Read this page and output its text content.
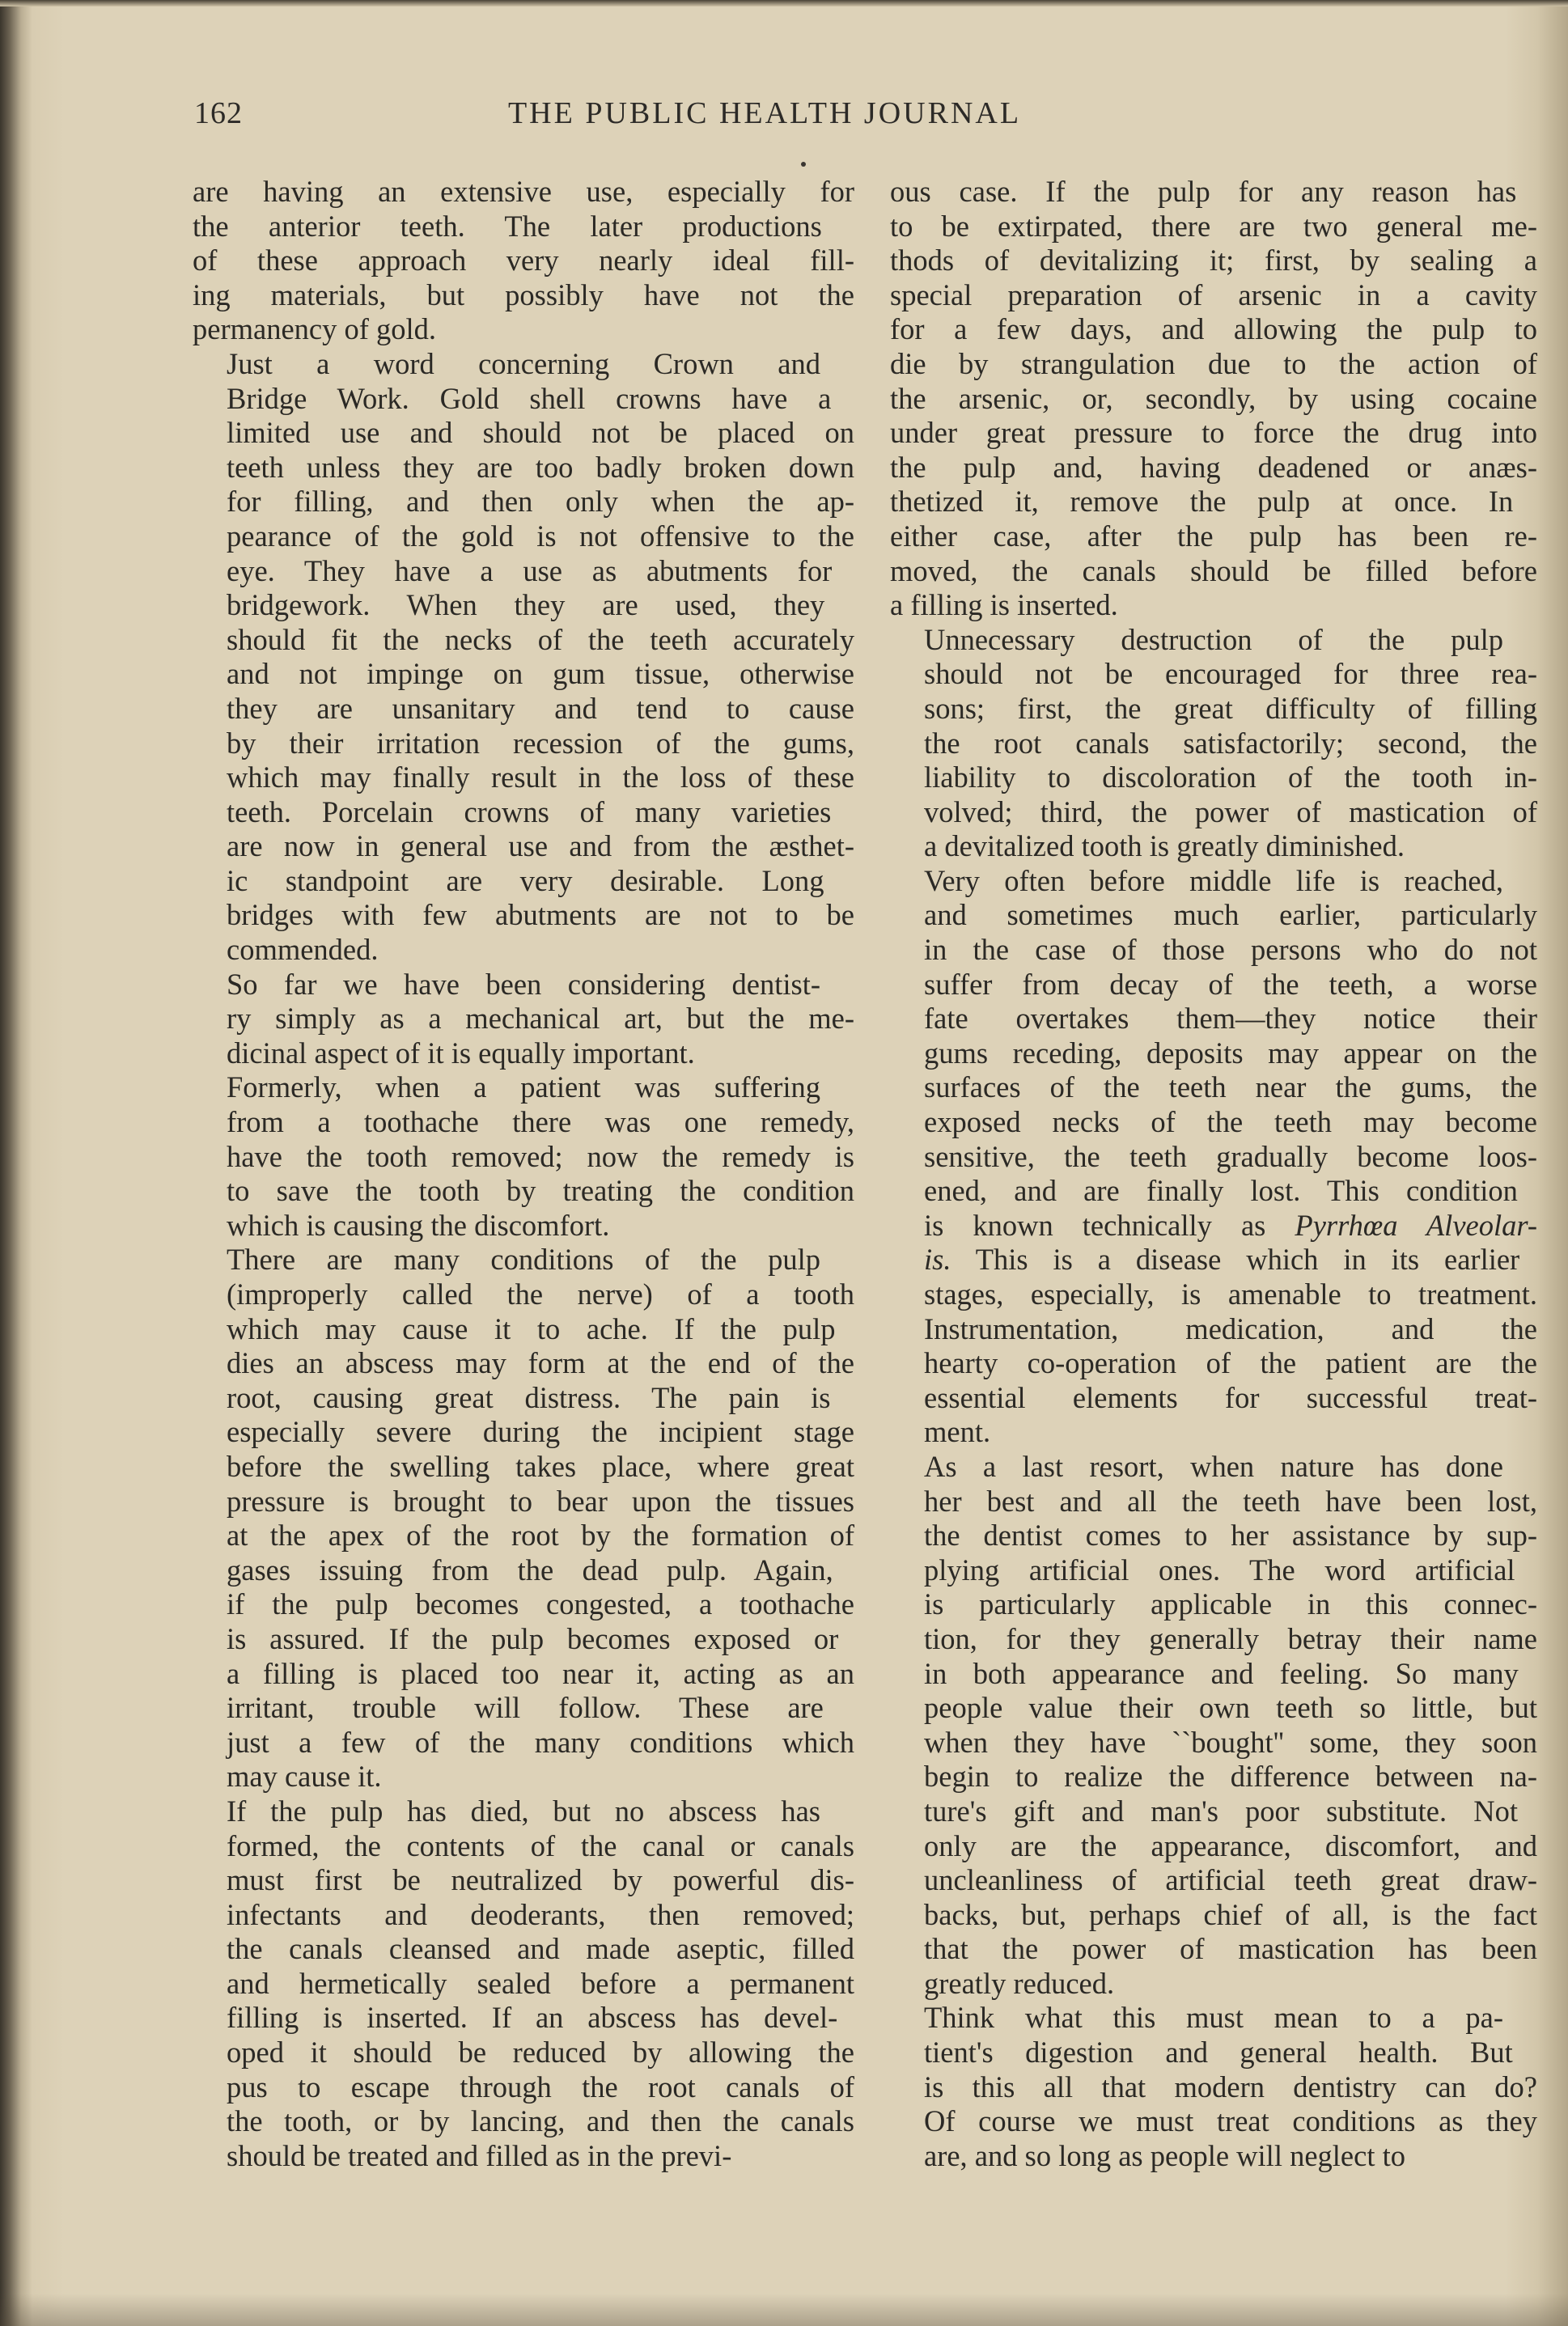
162	THE PUBLIC HEALTH JOURNAL

are having an extensive use, especially for
the anterior teeth. The later productions
of these approach very nearly ideal fill-
ing materials, but possibly have not the
permanency of gold.

Just a word concerning Crown and
Bridge Work. Gold shell crowns have a
limited use and should not be placed on
teeth unless they are too badly broken down
for filling, and then only when the ap-
pearance of the gold is not offensive to the
eye. They have a use as abutments for
bridgework. When they are used, they
should fit the necks of the teeth accurately
and not impinge on gum tissue, otherwise
they are unsanitary and tend to cause
by their irritation recession of the gums,
which may finally result in the loss of these
teeth. Porcelain crowns of many varieties
are now in general use and from the æsthet-
ic standpoint are very desirable. Long
bridges with few abutments are not to be
commended.

So far we have been considering dentist-
ry simply as a mechanical art, but the me-
dicinal aspect of it is equally important.

Formerly, when a patient was suffering
from a toothache there was one remedy,
have the tooth removed; now the remedy is
to save the tooth by treating the condition
which is causing the discomfort.

There are many conditions of the pulp
(improperly called the nerve) of a tooth
which may cause it to ache. If the pulp
dies an abscess may form at the end of the
root, causing great distress. The pain is
especially severe during the incipient stage
before the swelling takes place, where great
pressure is brought to bear upon the tissues
at the apex of the root by the formation of
gases issuing from the dead pulp. Again,
if the pulp becomes congested, a toothache
is assured. If the pulp becomes exposed or
a filling is placed too near it, acting as an
irritant, trouble will follow. These are
just a few of the many conditions which
may cause it.

If the pulp has died, but no abscess has
formed, the contents of the canal or canals
must first be neutralized by powerful dis-
infectants and deoderants, then removed;
the canals cleansed and made aseptic, filled
and hermetically sealed before a permanent
filling is inserted. If an abscess has devel-
oped it should be reduced by allowing the
pus to escape through the root canals of
the tooth, or by lancing, and then the canals
should be treated and filled as in the previ-

ous case. If the pulp for any reason has
to be extirpated, there are two general me-
thods of devitalizing it; first, by sealing a
special preparation of arsenic in a cavity
for a few days, and allowing the pulp to
die by strangulation due to the action of
the arsenic, or, secondly, by using cocaine
under great pressure to force the drug into
the pulp and, having deadened or anæs-
thetized it, remove the pulp at once. In
either case, after the pulp has been re-
moved, the canals should be filled before
a filling is inserted.

Unnecessary destruction of the pulp
should not be encouraged for three rea-
sons; first, the great difficulty of filling
the root canals satisfactorily; second, the
liability to discoloration of the tooth in-
volved; third, the power of mastication of
a devitalized tooth is greatly diminished.

Very often before middle life is reached,
and sometimes much earlier, particularly
in the case of those persons who do not
suffer from decay of the teeth, a worse
fate overtakes them—they notice their
gums receding, deposits may appear on the
surfaces of the teeth near the gums, the
exposed necks of the teeth may become
sensitive, the teeth gradually become loos-
ened, and are finally lost. This condition
is known technically as Pyrrhœa Alveolar-
is. This is a disease which in its earlier
stages, especially, is amenable to treatment.
Instrumentation, medication, and the
hearty co-operation of the patient are the
essential elements for successful treat-
ment.

As a last resort, when nature has done
her best and all the teeth have been lost,
the dentist comes to her assistance by sup-
plying artificial ones. The word artificial
is particularly applicable in this connec-
tion, for they generally betray their name
in both appearance and feeling. So many
people value their own teeth so little, but
when they have ``bought'' some, they soon
begin to realize the difference between na-
ture's gift and man's poor substitute. Not
only are the appearance, discomfort, and
uncleanliness of artificial teeth great draw-
backs, but, perhaps chief of all, is the fact
that the power of mastication has been
greatly reduced.

Think what this must mean to a pa-
tient's digestion and general health. But
is this all that modern dentistry can do?
Of course we must treat conditions as they
are, and so long as people will neglect to
